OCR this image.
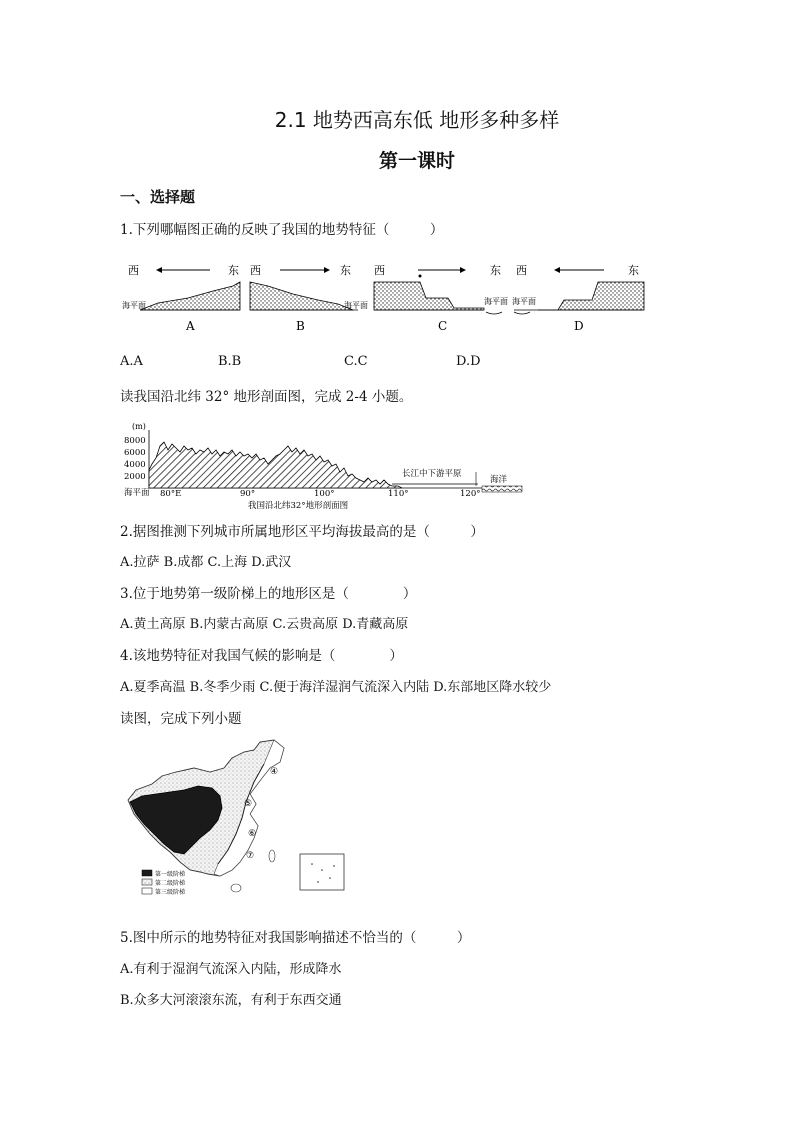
2.1 地势西高东低 地形多种多样
第一课时
一、选择题
1.下列哪幅图正确的反映了我国的地势特征（　　　）
西	东
海平面
A
西	东
海平面
B
西	东
海平面
C
西	东
海平面
D
A.A	B.B	C.C	D.D
读我国沿北纬 32° 地形剖面图，完成 2-4 小题。
(m)
8000
6000
4000
2000
海平面
长江中下游平原
海洋
80°E	90°	100°	110°	120°
我国沿北纬32°地形剖面图
2.据图推测下列城市所属地形区平均海拔最高的是（　　　）
A.拉萨 B.成都 C.上海 D.武汉
3.位于地势第一级阶梯上的地形区是（　　　　）
A.黄土高原 B.内蒙古高原 C.云贵高原 D.青藏高原
4.该地势特征对我国气候的影响是（　　　　）
A.夏季高温 B.冬季少雨 C.便于海洋湿润气流深入内陆 D.东部地区降水较少
读图，完成下列小题
④
⑤
⑥
⑦
第一级阶梯
第二级阶梯
第三级阶梯
5.图中所示的地势特征对我国影响描述不恰当的（　　　）
A.有利于湿润气流深入内陆，形成降水
B.众多大河滚滚东流，有利于东西交通
